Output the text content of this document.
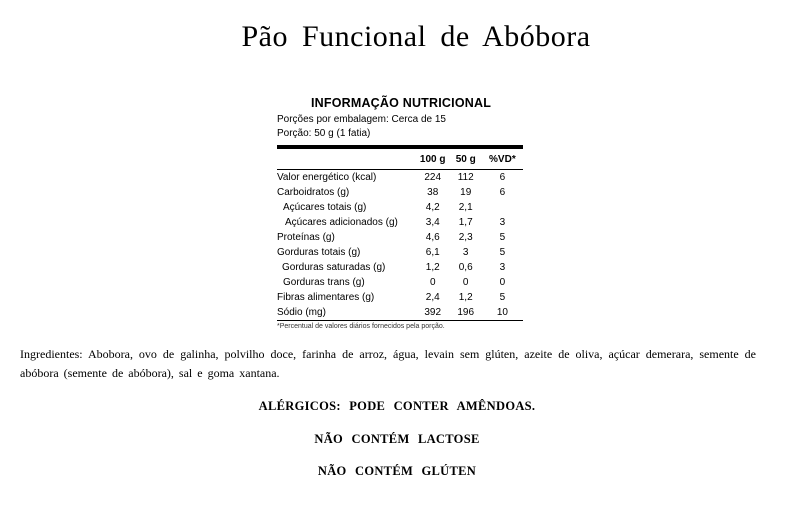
Pão Funcional de Abóbora
INFORMAÇÃO NUTRICIONAL
Porções por embalagem: Cerca de 15
Porção: 50 g (1 fatia)
	100 g	50 g	%VD*

Valor energético (kcal)	224	112	6
Carboidratos (g)	38	19	6
Açúcares totais (g)	4,2	2,1	
Açúcares adicionados (g)	3,4	1,7	3
Proteínas (g)	4,6	2,3	5
Gorduras totais (g)	6,1	3	5
Gorduras saturadas (g)	1,2	0,6	3
Gorduras trans (g)	0	0	0
Fibras alimentares (g)	2,4	1,2	5
Sódio (mg)	392	196	10
*Percentual de valores diários fornecidos pela porção.
Ingredientes: Abobora, ovo de galinha, polvilho doce, farinha de arroz, água, levain sem glúten, azeite de oliva, açúcar demerara, semente de abóbora (semente de abóbora), sal e goma xantana.
ALÉRGICOS: PODE CONTER AMÊNDOAS.
NÃO CONTÉM LACTOSE
NÃO CONTÉM GLÚTEN
